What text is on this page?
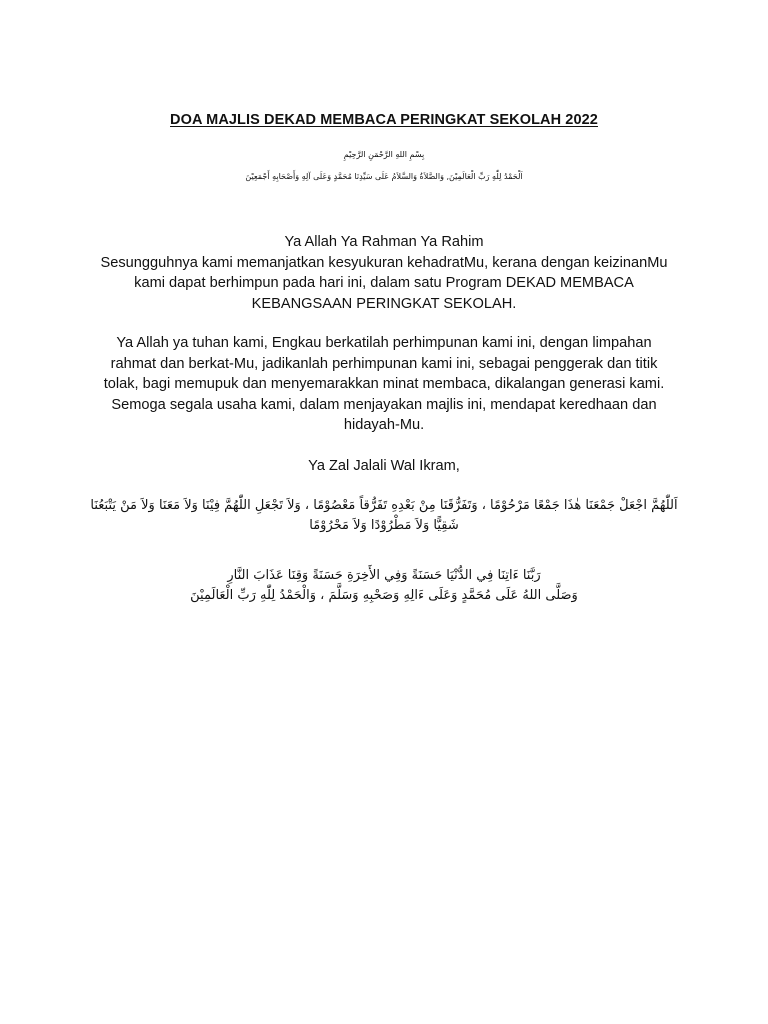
DOA MAJLIS DEKAD MEMBACA PERINGKAT SEKOLAH 2022
بِسْمِ اللهِ الرَّحْمَنِ الرَّحِيْمِ
اَلْحَمْدُ لِلّٰهِ رَبِّ الْعَالَمِيْنَ, وَالصَّلاَةُ وَالسَّلاَمُ عَلَى سَيِّدِنَا مُحَمَّدٍ وَعَلَى آلِهِ وَأَصْحَابِهِ أَجْمَعِيْنَ
Ya Allah Ya Rahman Ya Rahim
Sesungguhnya kami memanjatkan kesyukuran kehadratMu, kerana dengan keizinanMu
kami dapat berhimpun pada hari ini, dalam satu Program DEKAD MEMBACA
KEBANGSAAN PERINGKAT SEKOLAH.
Ya Allah ya tuhan kami, Engkau berkatilah perhimpunan kami ini, dengan limpahan
rahmat dan berkat-Mu, jadikanlah perhimpunan kami ini, sebagai penggerak dan titik
tolak, bagi memupuk dan menyemarakkan minat membaca, dikalangan generasi kami.
Semoga segala usaha kami, dalam menjayakan majlis ini, mendapat keredhaan dan
hidayah-Mu.
Ya Zal Jalali Wal Ikram,
اَللّٰهُمَّ اجْعَلْ جَمْعَنَا هٰذَا جَمْعًا مَرْحُوْمًا ، وَتَفَرُّقَنَا مِنْ بَعْدِهِ تَفَرُّقاً مَعْصُوْمًا ، وَلاَ تَجْعَلِ اللّٰهُمَّ فِيْنَا وَلاَ مَعَنَا وَلاَ مَنْ يَتْبَعُنَا
شَقِيًّا وَلاَ مَطْرُوْدًا وَلاَ مَحْرُوْمًا
رَبَّنَا ءَاتِنَا فِي الدُّنْيَا حَسَنَةً وَفِي الأَخِرَةِ حَسَنَةً وَقِنَا عَذَابَ النَّارِ
وَصَلَّى اللهُ عَلَى مُحَمَّدٍ وَعَلَى ءَالِهِ وَصَحْبِهِ وَسَلَّمَ ، وَالْحَمْدُ لِلّٰهِ رَبِّ الْعَالَمِيْنَ
